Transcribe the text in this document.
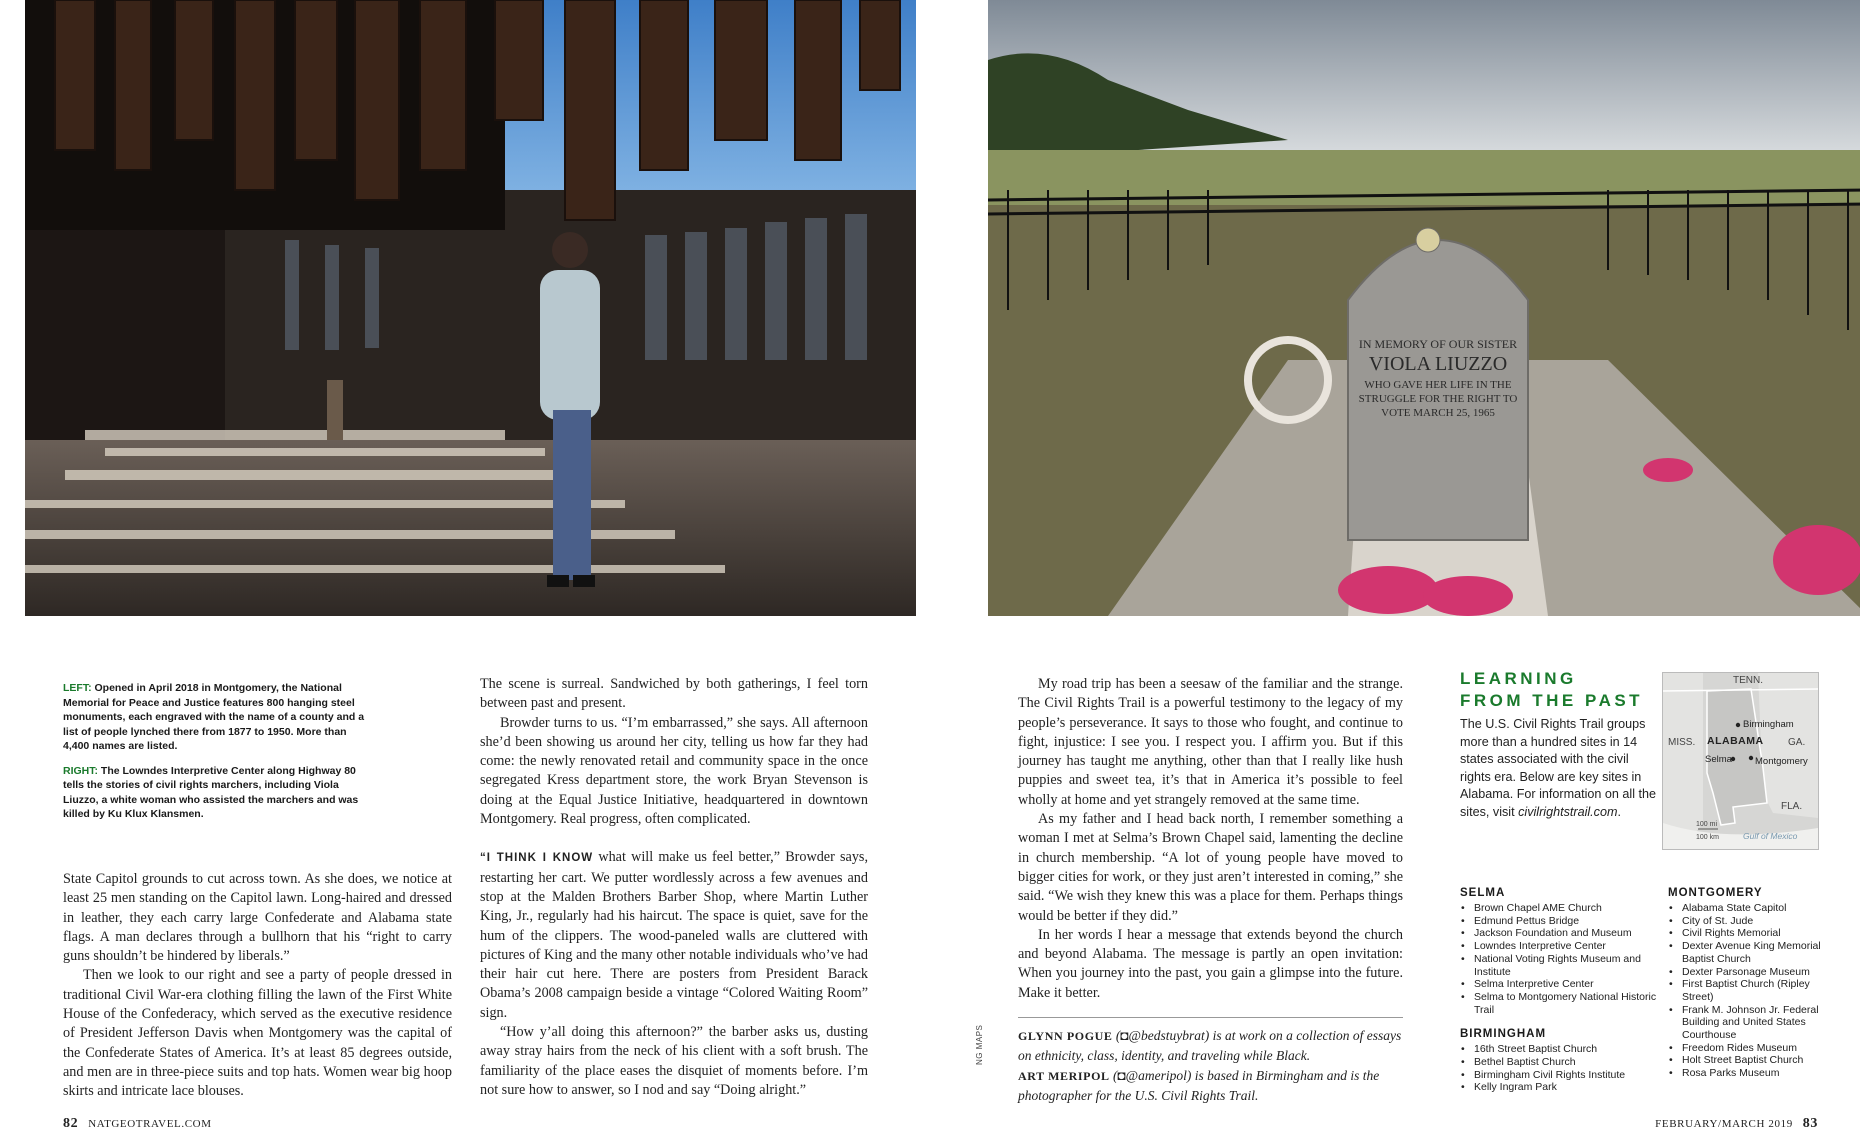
IN MEMORY OF OUR SISTER
VIOLA LIUZZO
WHO GAVE HER LIFE IN THE
STRUGGLE FOR THE RIGHT TO
VOTE MARCH 25, 1965

LEFT: Opened in April 2018 in Montgomery, the National Memorial for Peace and Justice features 800 hanging steel monuments, each engraved with the name of a county and a list of people lynched there from 1877 to 1950. More than 4,400 names are listed.

RIGHT: The Lowndes Interpretive Center along Highway 80 tells the stories of civil rights marchers, including Viola Liuzzo, a white woman who assisted the marchers and was killed by Ku Klux Klansmen.

State Capitol grounds to cut across town. As she does, we notice at least 25 men standing on the Capitol lawn. Long-haired and dressed in leather, they each carry large Confederate and Alabama state flags. A man declares through a bullhorn that his “right to carry guns shouldn’t be hindered by liberals.”

Then we look to our right and see a party of people dressed in traditional Civil War-era clothing filling the lawn of the First White House of the Confederacy, which served as the executive residence of President Jefferson Davis when Montgomery was the capital of the Confederate States of America. It’s at least 85 degrees outside, and men are in three-piece suits and top hats. Women wear big hoop skirts and intricate lace blouses.

The scene is surreal. Sandwiched by both gatherings, I feel torn between past and present.

Browder turns to us. “I’m embarrassed,” she says. All afternoon she’d been showing us around her city, telling us how far they had come: the newly renovated retail and community space in the once segregated Kress department store, the work Bryan Stevenson is doing at the Equal Justice Initiative, headquartered in downtown Montgomery. Real progress, often complicated.

“I THINK I KNOW what will make us feel better,” Browder says, restarting her cart. We putter wordlessly across a few avenues and stop at the Malden Brothers Barber Shop, where Martin Luther King, Jr., regularly had his haircut. The space is quiet, save for the hum of the clippers. The wood-paneled walls are cluttered with pictures of King and the many other notable individuals who’ve had their hair cut here. There are posters from President Barack Obama’s 2008 campaign beside a vintage “Colored Waiting Room” sign.

“How y’all doing this afternoon?” the barber asks us, dusting away stray hairs from the neck of his client with a soft brush. The familiarity of the place eases the disquiet of moments before. I’m not sure how to answer, so I nod and say “Doing alright.”

NG MAPS

My road trip has been a seesaw of the familiar and the strange. The Civil Rights Trail is a powerful testimony to the legacy of my people’s perseverance. It says to those who fought, and continue to fight, injustice: I see you. I respect you. I affirm you. But if this journey has taught me anything, other than that I really like hush puppies and sweet tea, it’s that in America it’s possible to feel wholly at home and yet strangely removed at the same time.

As my father and I head back north, I remember something a woman I met at Selma’s Brown Chapel said, lamenting the decline in church membership. “A lot of young people have moved to bigger cities for work, or they just aren’t interested in coming,” she said. “We wish they knew this was a place for them. Perhaps things would be better if they did.”

In her words I hear a message that extends beyond the church and beyond Alabama. The message is partly an open invitation: When you journey into the past, you gain a glimpse into the future. Make it better.

GLYNN POGUE (◘@bedstuybrat) is at work on a collection of essays on ethnicity, class, identity, and traveling while Black.
ART MERIPOL (◘@ameripol) is based in Birmingham and is the photographer for the U.S. Civil Rights Trail.
LEARNING
FROM THE PAST
The U.S. Civil Rights Trail groups more than a hundred sites in 14 states associated with the civil rights era. Below are key sites in Alabama. For information on all the sites, visit civilrightstrail.com.
TENN.
MISS.	GA.
FLA.
ALABAMA
Birmingham
Selma Montgomery
Gulf of Mexico
100 mi
100 km
SELMA
• Brown Chapel AME Church
• Edmund Pettus Bridge
• Jackson Foundation and Museum
• Lowndes Interpretive Center
• National Voting Rights Museum and Institute
• Selma Interpretive Center
• Selma to Montgomery National Historic Trail
BIRMINGHAM
• 16th Street Baptist Church
• Bethel Baptist Church
• Birmingham Civil Rights Institute
• Kelly Ingram Park
MONTGOMERY
• Alabama State Capitol
• City of St. Jude
• Civil Rights Memorial
• Dexter Avenue King Memorial Baptist Church
• Dexter Parsonage Museum
• First Baptist Church (Ripley Street)
• Frank M. Johnson Jr. Federal Building and United States Courthouse
• Freedom Rides Museum
• Holt Street Baptist Church
• Rosa Parks Museum
82 NATGEOTRAVEL.COM	FEBRUARY/MARCH 2019 83
